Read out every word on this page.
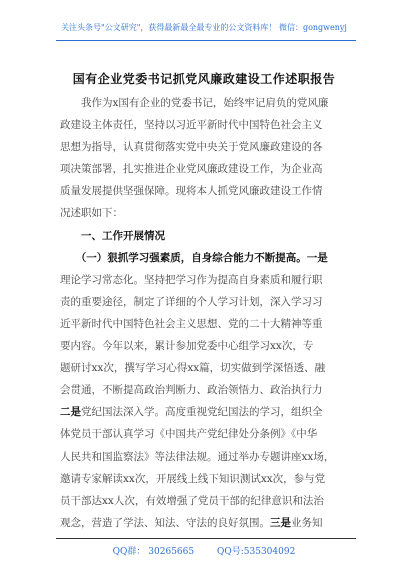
关注头条号"公文研究"，获得最新最全最专业的公文资料库！ 微信：gongwenyj
国有企业党委书记抓党风廉政建设工作述职报告
　　我作为x国有企业的党委书记，始终牢记肩负的党风廉
政建设主体责任，坚持以习近平新时代中国特色社会主义
思想为指导，认真贯彻落实党中央关于党风廉政建设的各
项决策部署，扎实推进企业党风廉政建设工作，为企业高
质量发展提供坚强保障。现将本人抓党风廉政建设工作情
况述职如下：
　　一、工作开展情况
　　（一）狠抓学习强素质，自身综合能力不断提高。一是
理论学习常态化。坚持把学习作为提高自身素质和履行职
责的重要途径，制定了详细的个人学习计划，深入学习习
近平新时代中国特色社会主义思想、党的二十大精神等重
要内容。今年以来，累计参加党委中心组学习xx次，专
题研讨xx次，撰写学习心得xx篇，切实做到学深悟透、融
会贯通，不断提高政治判断力、政治领悟力、政治执行力
二是党纪国法深入学。高度重视党纪国法的学习，组织全
体党员干部认真学习《中国共产党纪律处分条例》《中华
人民共和国监察法》等法律法规。通过举办专题讲座xx场，
邀请专家解读xx次，开展线上线下知识测试xx次，参与党
员干部达xx人次，有效增强了党员干部的纪律意识和法治
观念，营造了学法、知法、守法的良好氛围。三是业务知
QQ群： 30265665	QQ号:535304092
